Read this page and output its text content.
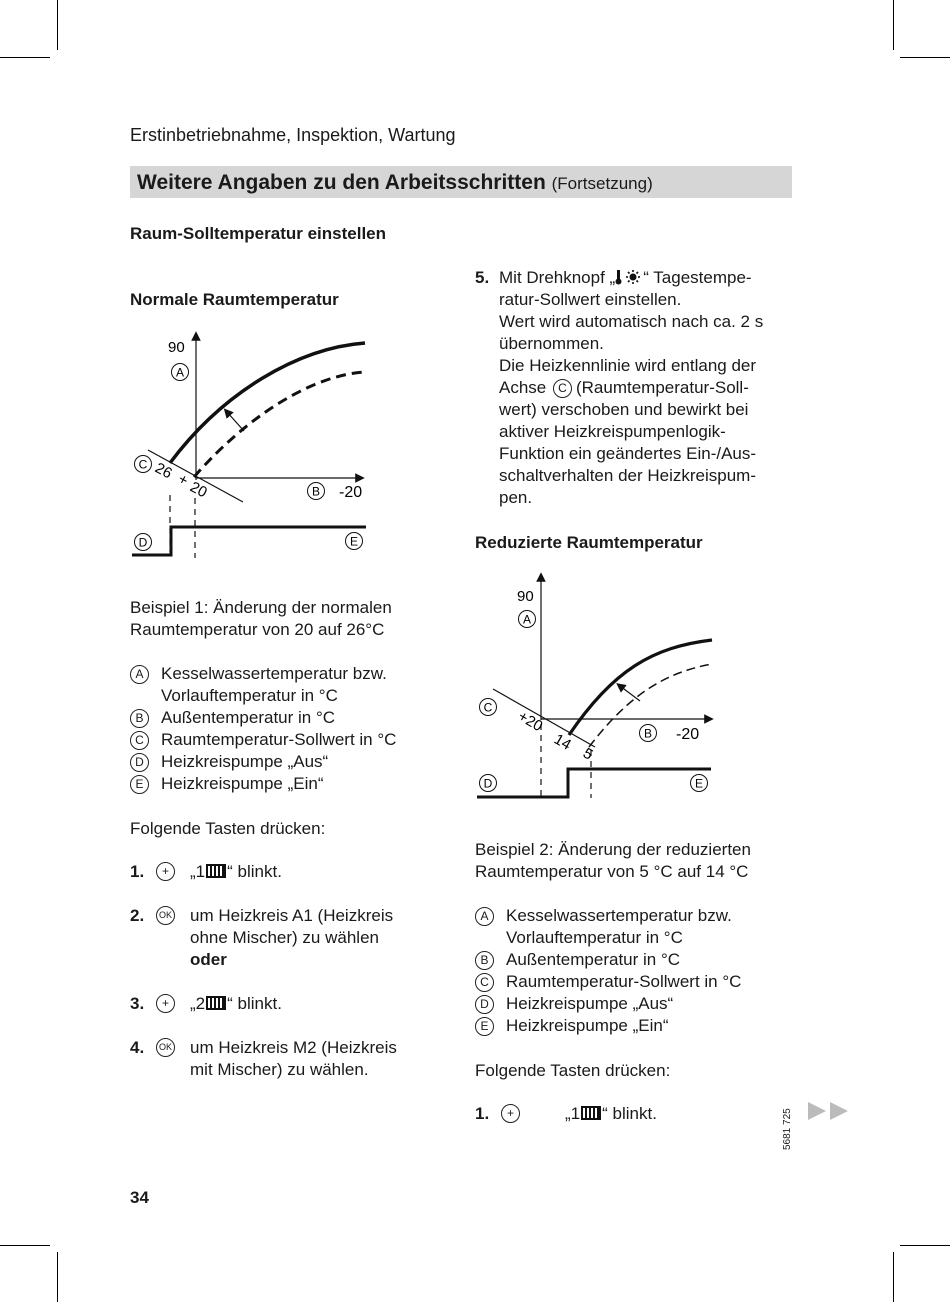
Erstinbetriebnahme, Inspektion, Wartung
Weitere Angaben zu den Arbeitsschritten (Fortsetzung)
Raum-Solltemperatur einstellen
Normale Raumtemperatur
90
-20
26 +
20
A
B
C
D	E
Beispiel 1: Änderung der normalen
Raumtemperatur von 20 auf 26°C
A	Kesselwassertemperatur bzw.
Vorlauftemperatur in °C
B	Außentemperatur in °C
C	Raumtemperatur-Sollwert in °C
D	Heizkreispumpe „Aus“
E	Heizkreispumpe „Ein“
Folgende Tasten drücken:
1.	+	„1 “ blinkt.
2.	OK um Heizkreis A1 (Heizkreis
ohne Mischer) zu wählen
oder
3.	+	„2 “ blinkt.
4.	OK um Heizkreis M2 (Heizkreis
mit Mischer) zu wählen.
5. Mit Drehknopf „ “ Tagestempe-
ratur-Sollwert einstellen.
Wert wird automatisch nach ca. 2 s
übernommen.
Die Heizkennlinie wird entlang der
Achse C (Raumtemperatur-Soll-
wert) verschoben und bewirkt bei
aktiver Heizkreispumpenlogik-
Funktion ein geändertes Ein-/Aus-
schaltverhalten der Heizkreispum-
pen.
Reduzierte Raumtemperatur
90
-20
+20
14
5
A
B
C
D	E
Beispiel 2: Änderung der reduzierten
Raumtemperatur von 5 °C auf 14 °C
A	Kesselwassertemperatur bzw.
Vorlauftemperatur in °C
B	Außentemperatur in °C
C	Raumtemperatur-Sollwert in °C
D	Heizkreispumpe „Aus“
E	Heizkreispumpe „Ein“
Folgende Tasten drücken:
1.	+	„1 “ blinkt.	5681 725
34
